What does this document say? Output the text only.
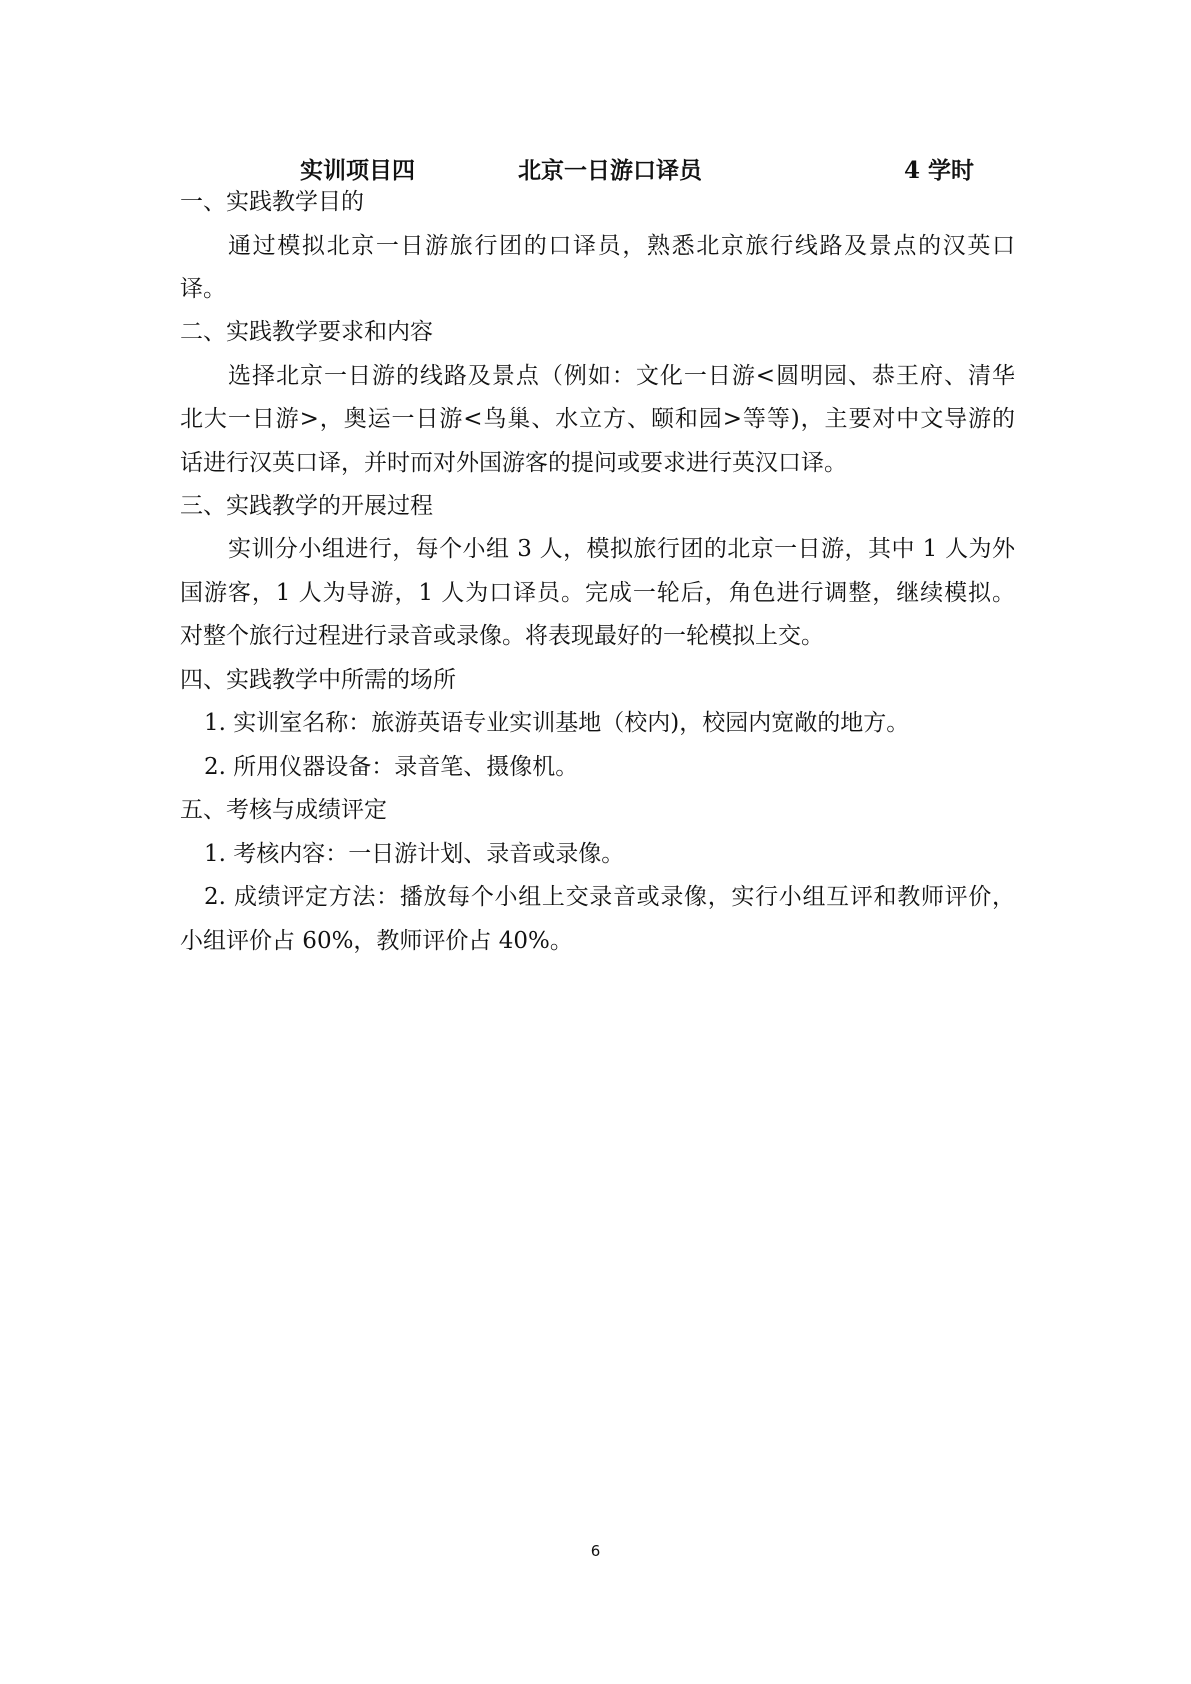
实训项目四	北京一日游口译员	4 学时
一、实践教学目的
通过模拟北京一日游旅行团的口译员，熟悉北京旅行线路及景点的汉英口
译。
二、实践教学要求和内容
选择北京一日游的线路及景点（例如：文化一日游<圆明园、恭王府、清华
北大一日游>，奥运一日游<鸟巢、水立方、颐和园>等等)，主要对中文导游的
话进行汉英口译，并时而对外国游客的提问或要求进行英汉口译。
三、实践教学的开展过程
实训分小组进行，每个小组 3 人，模拟旅行团的北京一日游，其中 1 人为外
国游客，1 人为导游，1 人为口译员。完成一轮后，角色进行调整，继续模拟。
对整个旅行过程进行录音或录像。将表现最好的一轮模拟上交。
四、实践教学中所需的场所
1. 实训室名称：旅游英语专业实训基地（校内)，校园内宽敞的地方。
2. 所用仪器设备：录音笔、摄像机。
五、考核与成绩评定
1. 考核内容：一日游计划、录音或录像。
2. 成绩评定方法：播放每个小组上交录音或录像，实行小组互评和教师评价，
小组评价占 60%，教师评价占 40%。
6
